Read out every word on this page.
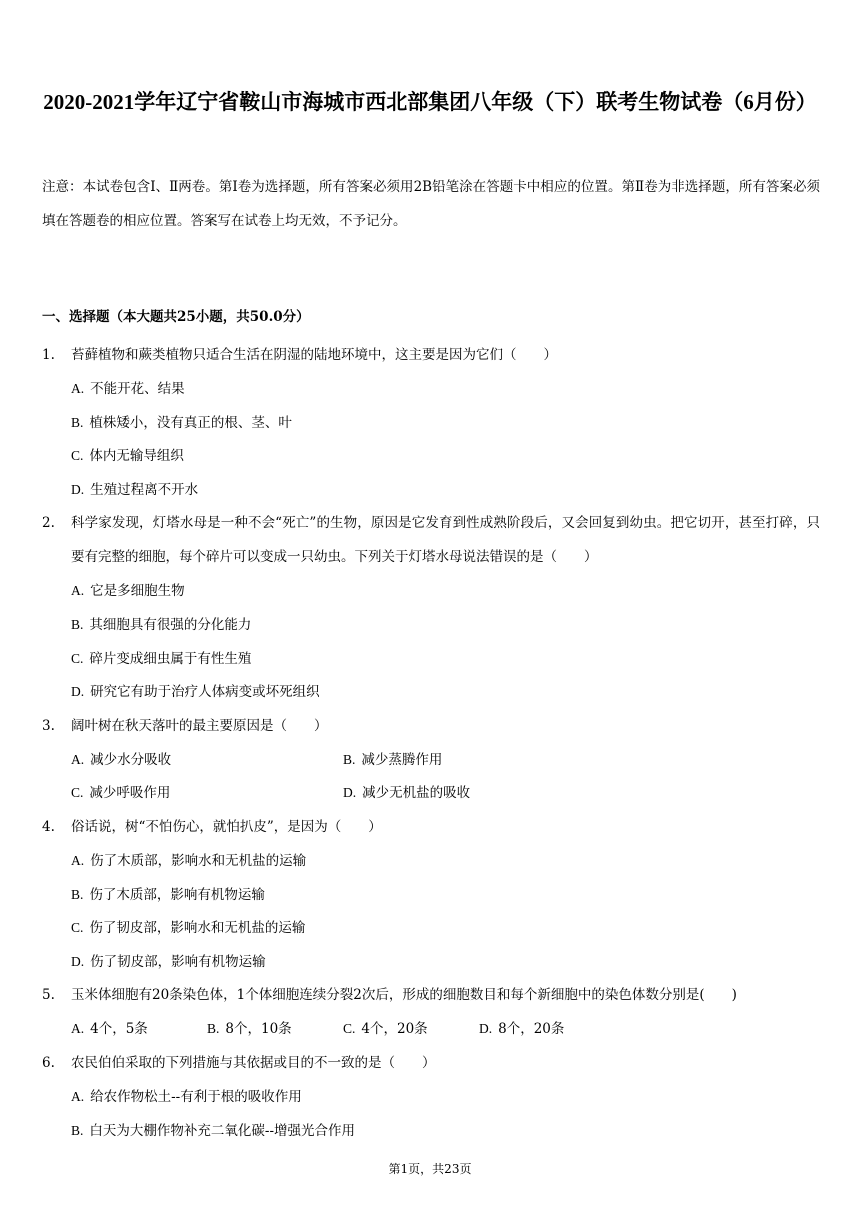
2020-2021学年辽宁省鞍山市海城市西北部集团八年级（下）联考生物试卷（6月份）
注意：本试卷包含Ⅰ、Ⅱ两卷。第Ⅰ卷为选择题，所有答案必须用2B铅笔涂在答题卡中相应的位置。第Ⅱ卷为非选择题，所有答案必须填在答题卷的相应位置。答案写在试卷上均无效，不予记分。
一、选择题（本大题共25小题，共50.0分）
1. 苔藓植物和蕨类植物只适合生活在阴湿的陆地环境中，这主要是因为它们（　　）
A. 不能开花、结果
B. 植株矮小，没有真正的根、茎、叶
C. 体内无输导组织
D. 生殖过程离不开水
2. 科学家发现，灯塔水母是一种不会“死亡”的生物，原因是它发育到性成熟阶段后，又会回复到幼虫。把它切开，甚至打碎，只要有完整的细胞，每个碎片可以变成一只幼虫。下列关于灯塔水母说法错误的是（　　）
A. 它是多细胞生物
B. 其细胞具有很强的分化能力
C. 碎片变成细虫属于有性生殖
D. 研究它有助于治疗人体病变或坏死组织
3. 阔叶树在秋天落叶的最主要原因是（　　）
A. 减少水分吸收	B. 减少蒸腾作用
C. 减少呼吸作用	D. 减少无机盐的吸收
4. 俗话说，树“不怕伤心，就怕扒皮”，是因为（　　）
A. 伤了木质部，影响水和无机盐的运输
B. 伤了木质部，影响有机物运输
C. 伤了韧皮部，影响水和无机盐的运输
D. 伤了韧皮部，影响有机物运输
5. 玉米体细胞有20条染色体，1个体细胞连续分裂2次后，形成的细胞数目和每个新细胞中的染色体数分别是(　　)
A. 4个，5条	B. 8个，10条	C. 4个，20条	D. 8个，20条
6. 农民伯伯采取的下列措施与其依据或目的不一致的是（　　）
A. 给农作物松土--有利于根的吸收作用
B. 白天为大棚作物补充二氧化碳--增强光合作用
第1页，共23页
